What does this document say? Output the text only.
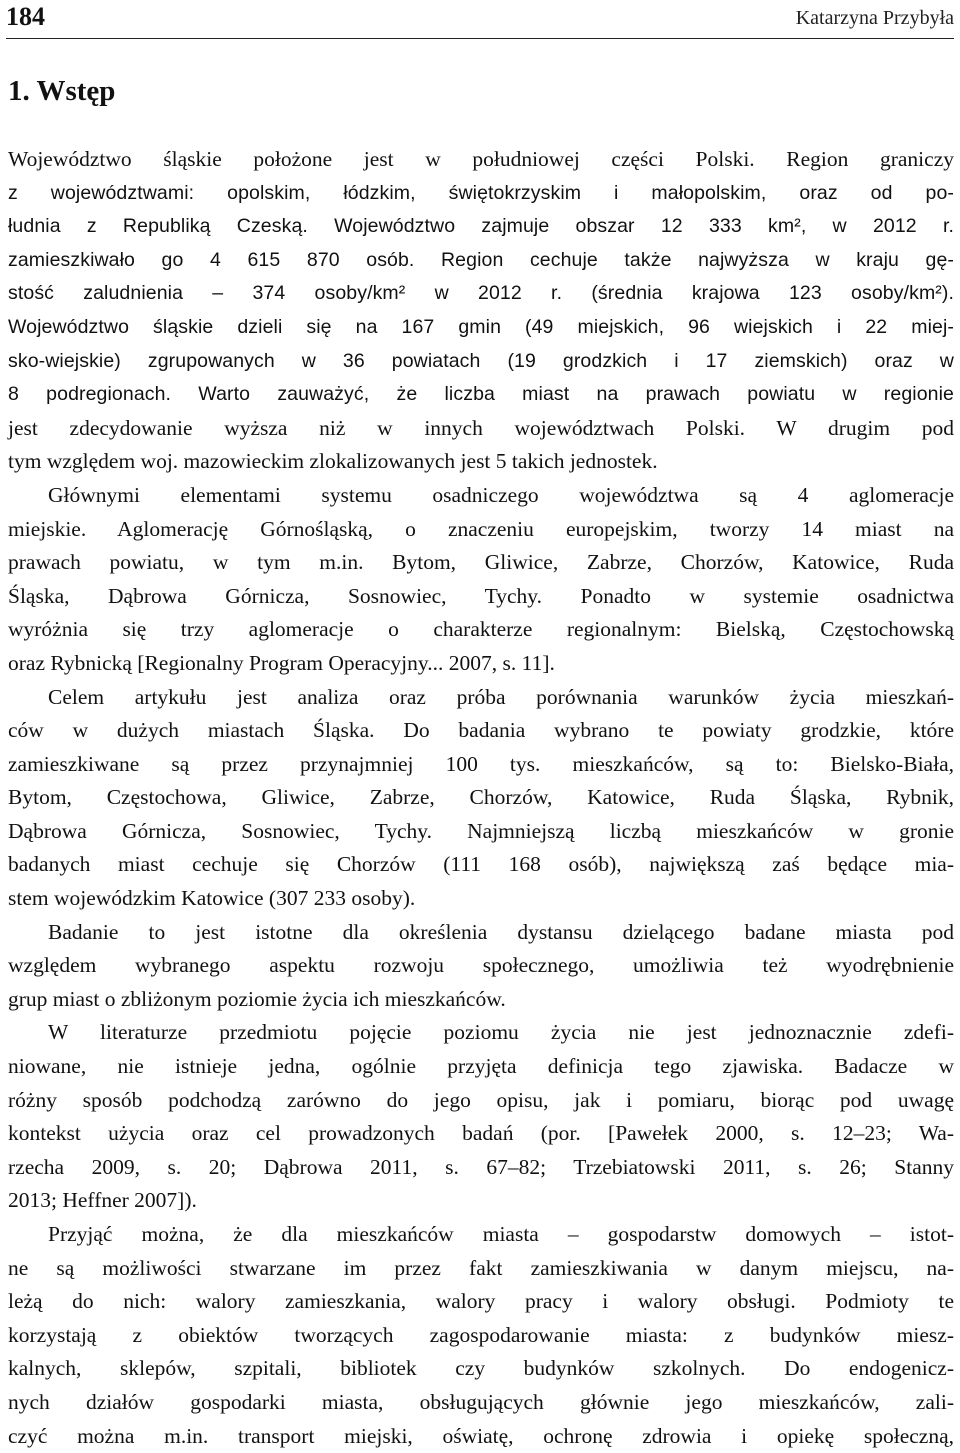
184	Katarzyna Przybyła
1. Wstęp
Województwo śląskie położone jest w południowej części Polski. Region graniczy
z województwami: opolskim, łódzkim, świętokrzyskim i małopolskim, oraz od po-
łudnia z Republiką Czeską. Województwo zajmuje obszar 12 333 km², w 2012 r.
zamieszkiwało go 4 615 870 osób. Region cechuje także najwyższa w kraju gę-
stość zaludnienia – 374 osoby/km² w 2012 r. (średnia krajowa 123 osoby/km²).
Województwo śląskie dzieli się na 167 gmin (49 miejskich, 96 wiejskich i 22 miej-
sko-wiejskie) zgrupowanych w 36 powiatach (19 grodzkich i 17 ziemskich) oraz w
8 podregionach. Warto zauważyć, że liczba miast na prawach powiatu w regionie
jest zdecydowanie wyższa niż w innych województwach Polski. W drugim pod
tym względem woj. mazowieckim zlokalizowanych jest 5 takich jednostek.
Głównymi elementami systemu osadniczego województwa są 4 aglomeracje
miejskie. Aglomerację Górnośląską, o znaczeniu europejskim, tworzy 14 miast na
prawach powiatu, w tym m.in. Bytom, Gliwice, Zabrze, Chorzów, Katowice, Ruda
Śląska, Dąbrowa Górnicza, Sosnowiec, Tychy. Ponadto w systemie osadnictwa
wyróżnia się trzy aglomeracje o charakterze regionalnym: Bielską, Częstochowską
oraz Rybnicką [Regionalny Program Operacyjny... 2007, s. 11].
Celem artykułu jest analiza oraz próba porównania warunków życia mieszkań-
ców w dużych miastach Śląska. Do badania wybrano te powiaty grodzkie, które
zamieszkiwane są przez przynajmniej 100 tys. mieszkańców, są to: Bielsko-Biała,
Bytom, Częstochowa, Gliwice, Zabrze, Chorzów, Katowice, Ruda Śląska, Rybnik,
Dąbrowa Górnicza, Sosnowiec, Tychy. Najmniejszą liczbą mieszkańców w gronie
badanych miast cechuje się Chorzów (111 168 osób), największą zaś będące mia-
stem wojewódzkim Katowice (307 233 osoby).
Badanie to jest istotne dla określenia dystansu dzielącego badane miasta pod
względem wybranego aspektu rozwoju społecznego, umożliwia też wyodrębnienie
grup miast o zbliżonym poziomie życia ich mieszkańców.
W literaturze przedmiotu pojęcie poziomu życia nie jest jednoznacznie zdefi-
niowane, nie istnieje jedna, ogólnie przyjęta definicja tego zjawiska. Badacze w
różny sposób podchodzą zarówno do jego opisu, jak i pomiaru, biorąc pod uwagę
kontekst użycia oraz cel prowadzonych badań (por. [Pawełek 2000, s. 12–23; Wa-
rzecha 2009, s. 20; Dąbrowa 2011, s. 67–82; Trzebiatowski 2011, s. 26; Stanny
2013; Heffner 2007]).
Przyjąć można, że dla mieszkańców miasta – gospodarstw domowych – istot-
ne są możliwości stwarzane im przez fakt zamieszkiwania w danym miejscu, na-
leżą do nich: walory zamieszkania, walory pracy i walory obsługi. Podmioty te
korzystają z obiektów tworzących zagospodarowanie miasta: z budynków miesz-
kalnych, sklepów, szpitali, bibliotek czy budynków szkolnych. Do endogenicz-
nych działów gospodarki miasta, obsługujących głównie jego mieszkańców, zali-
czyć można m.in. transport miejski, oświatę, ochronę zdrowia i opiekę społeczną,
